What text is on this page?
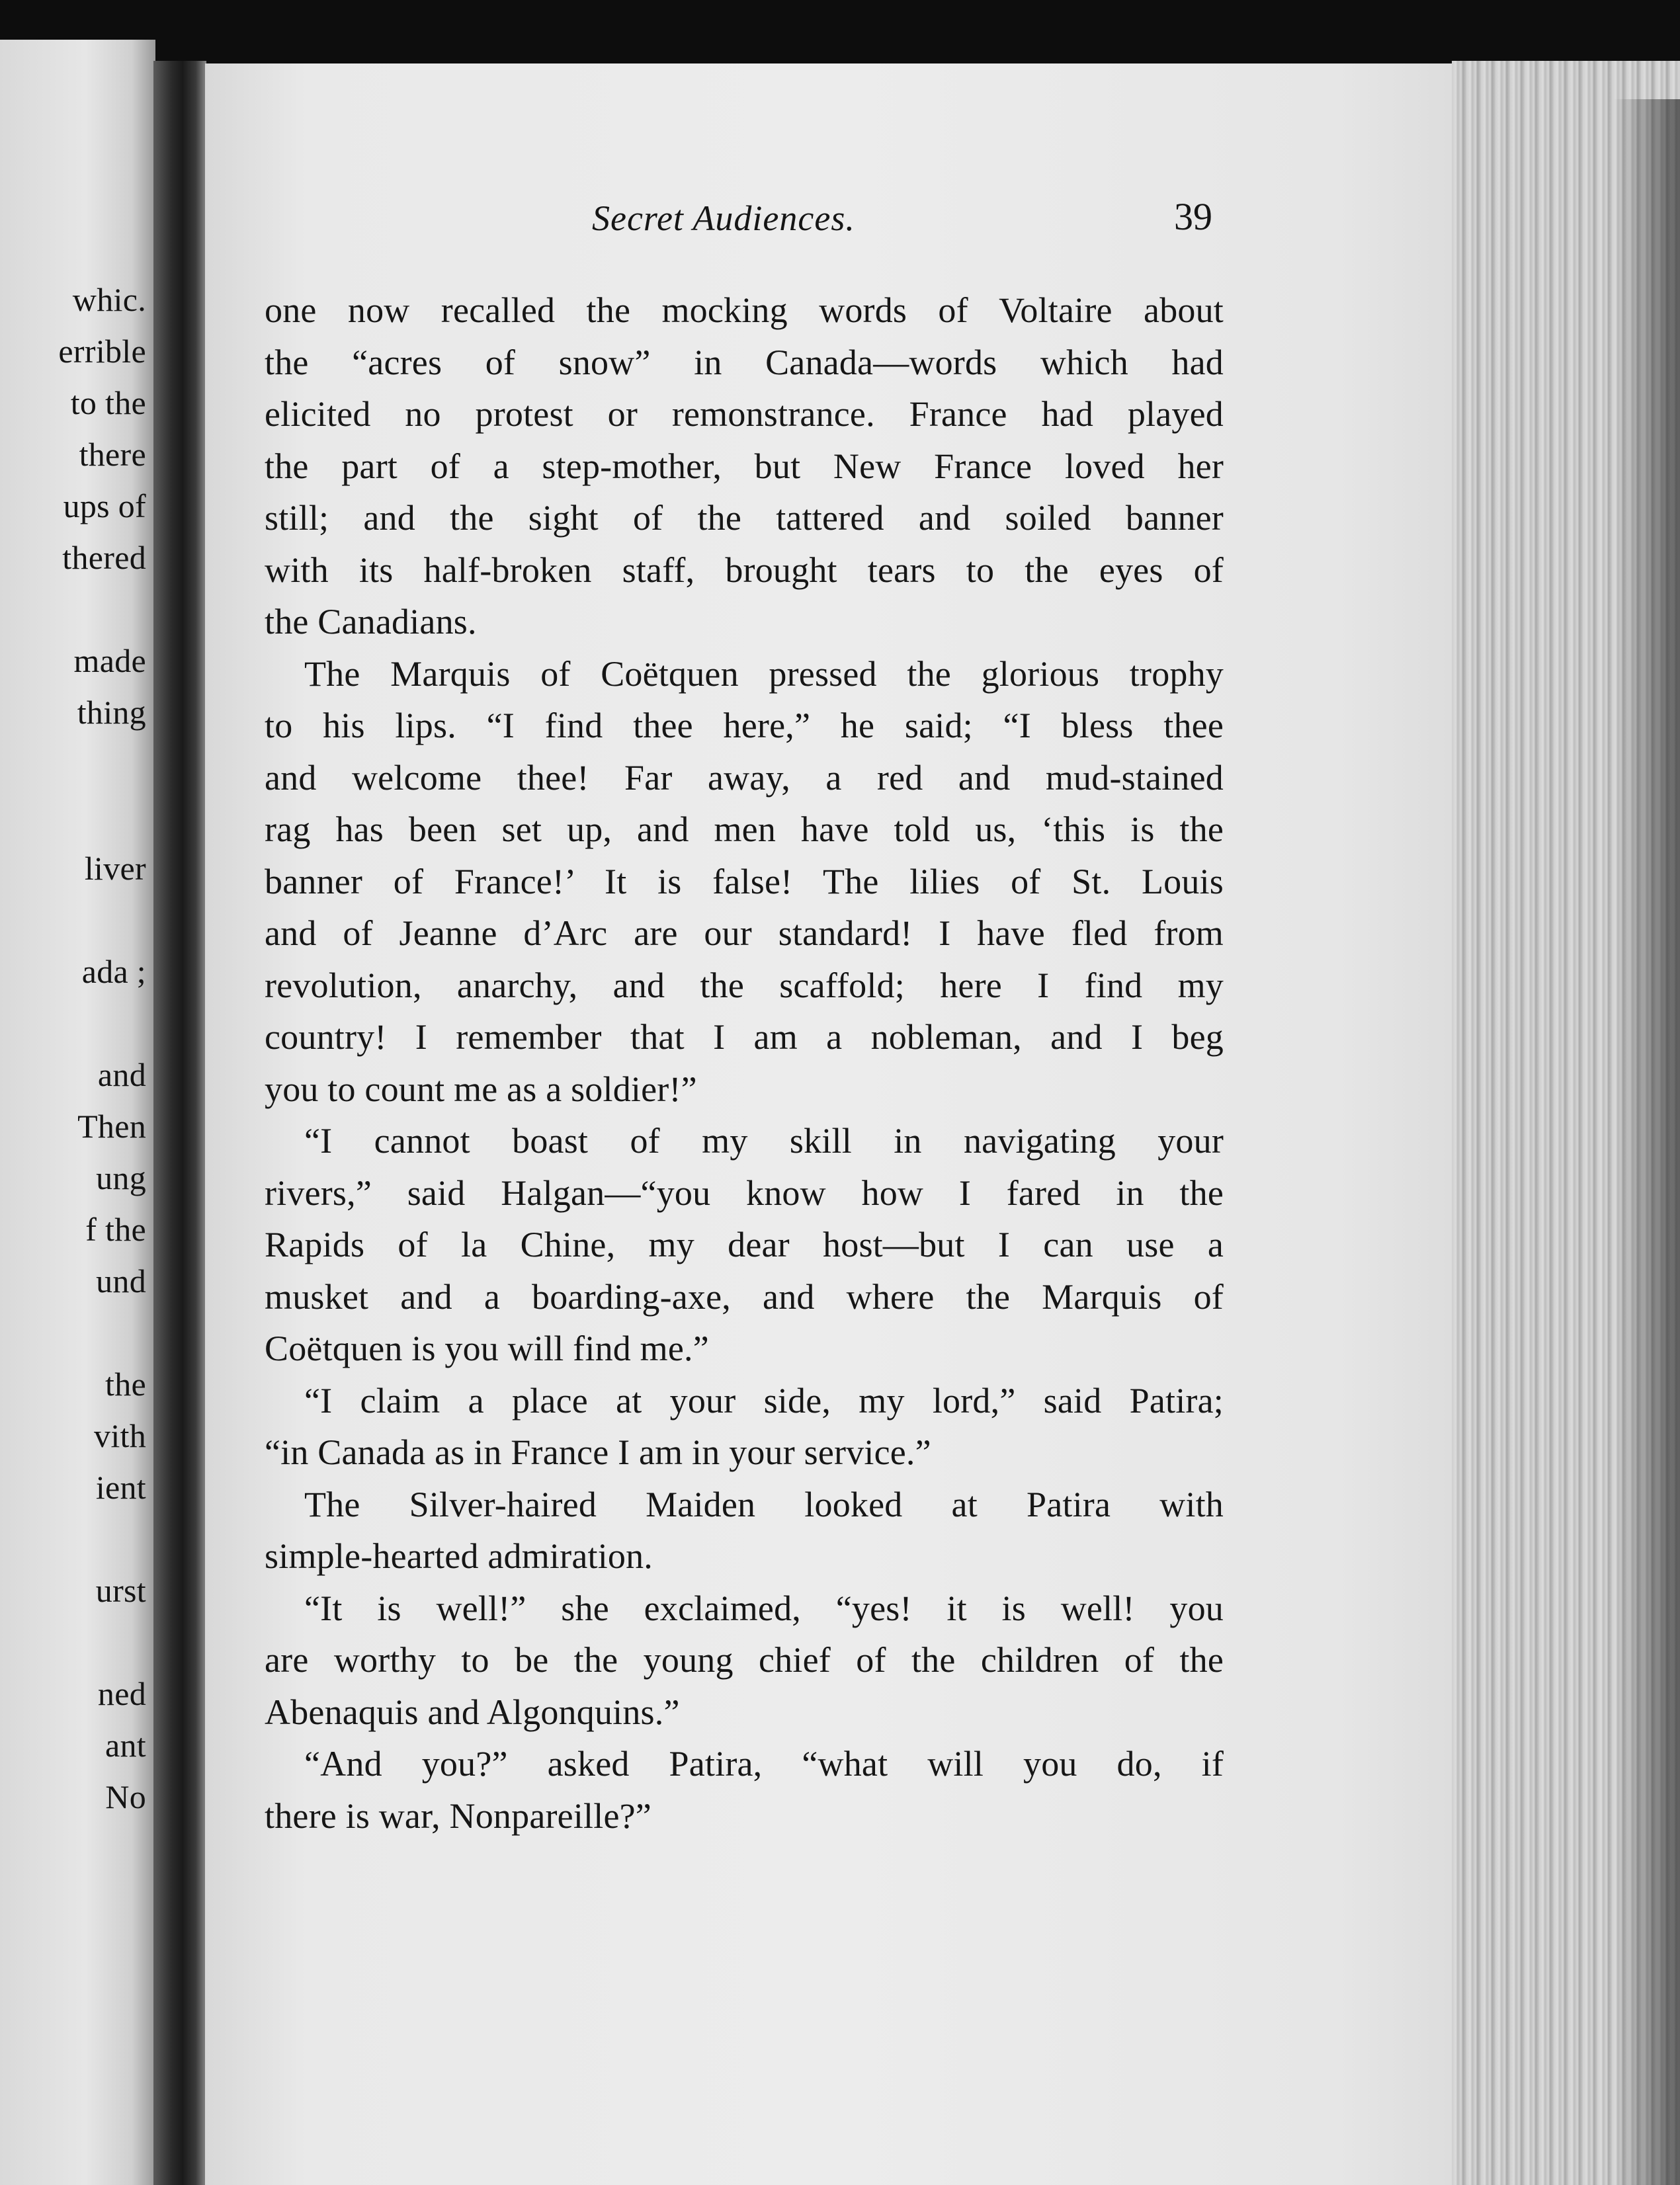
whic.

errible

to the

there

ups of

thered

made

thing

liver

ada ;

and

Then

ung

f the

und

the

vith

ient

urst

ned

ant

No

Secret Audiences.	39

one now recalled the mocking words of Voltaire about

the “acres of snow” in Canada—words which had

elicited no protest or remonstrance. France had played

the part of a step-mother, but New France loved her

still; and the sight of the tattered and soiled banner

with its half-broken staff, brought tears to the eyes of

the Canadians.

The Marquis of Coëtquen pressed the glorious trophy

to his lips. “I find thee here,” he said; “I bless thee

and welcome thee! Far away, a red and mud-stained

rag has been set up, and men have told us, ‘this is the

banner of France!’ It is false! The lilies of St. Louis

and of Jeanne d’Arc are our standard! I have fled from

revolution, anarchy, and the scaffold; here I find my

country! I remember that I am a nobleman, and I beg

you to count me as a soldier!”

“I cannot boast of my skill in navigating your

rivers,” said Halgan—“you know how I fared in the

Rapids of la Chine, my dear host—but I can use a

musket and a boarding-axe, and where the Marquis of

Coëtquen is you will find me.”

“I claim a place at your side, my lord,” said Patira;

“in Canada as in France I am in your service.”

The Silver-haired Maiden looked at Patira with

simple-hearted admiration.

“It is well!” she exclaimed, “yes! it is well! you

are worthy to be the young chief of the children of the

Abenaquis and Algonquins.”

“And you?” asked Patira, “what will you do, if

there is war, Nonpareille?”
